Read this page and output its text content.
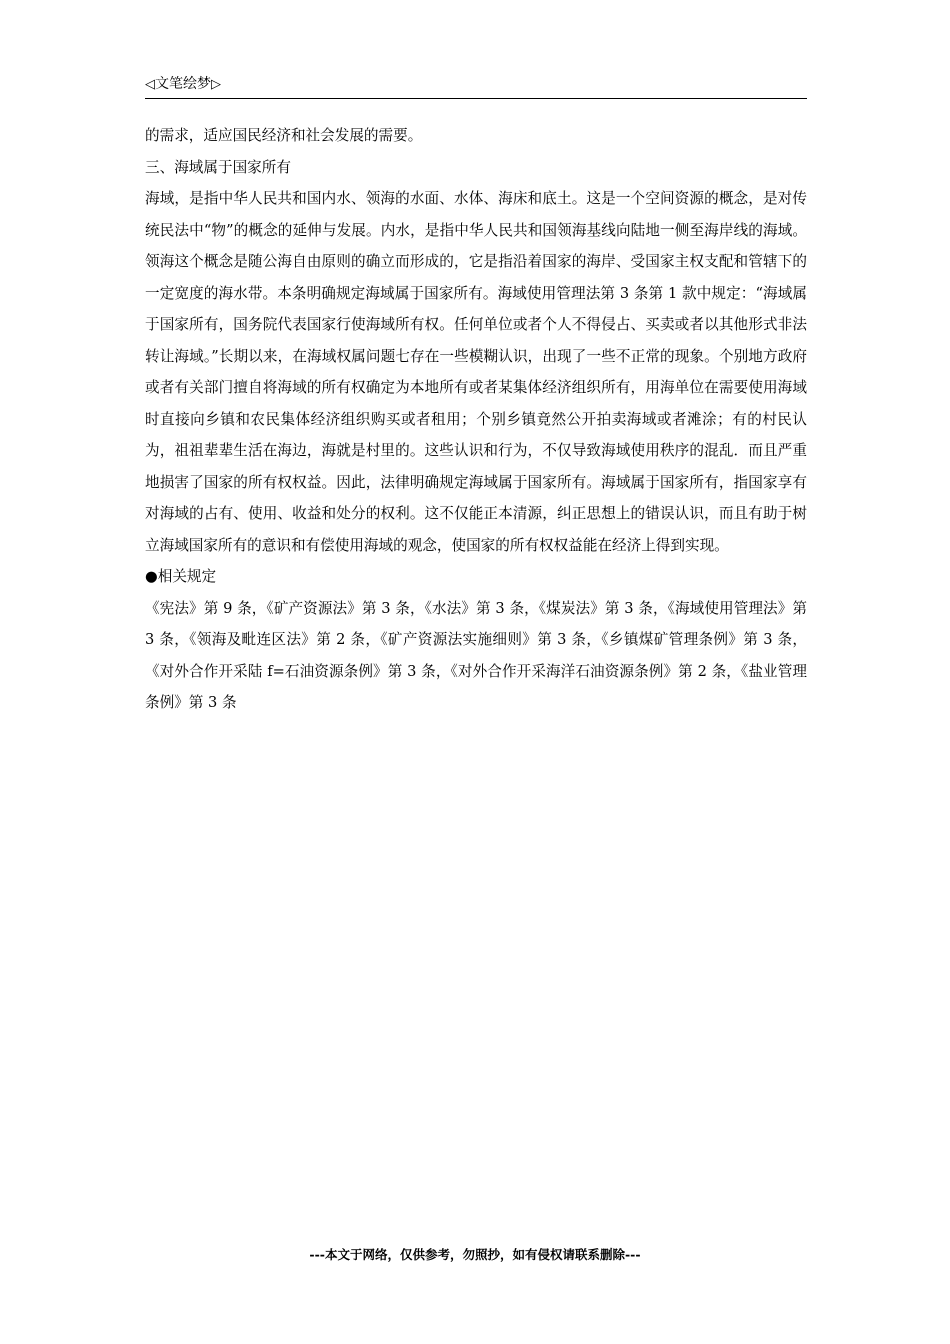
◁文笔绘梦▷

的需求，适应国民经济和社会发展的需要。

三、海域属于国家所有

海域，是指中华人民共和国内水、领海的水面、水体、海床和底土。这是一个空间资源的概念，是对传统民法中“物”的概念的延伸与发展。内水，是指中华人民共和国领海基线向陆地一侧至海岸线的海域。领海这个概念是随公海自由原则的确立而形成的，它是指沿着国家的海岸、受国家主权支配和管辖下的一定宽度的海水带。本条明确规定海域属于国家所有。海域使用管理法第 3 条第 1 款中规定：“海域属于国家所有，国务院代表国家行使海域所有权。任何单位或者个人不得侵占、买卖或者以其他形式非法转让海域。”长期以来，在海域权属问题七存在一些模糊认识，出现了一些不正常的现象。个别地方政府或者有关部门擅自将海域的所有权确定为本地所有或者某集体经济组织所有，用海单位在需要使用海域时直接向乡镇和农民集体经济组织购买或者租用；个别乡镇竟然公开拍卖海域或者滩涂；有的村民认为，祖祖辈辈生活在海边，海就是村里的。这些认识和行为，不仅导致海域使用秩序的混乱．而且严重地损害了国家的所有权权益。因此，法律明确规定海域属于国家所有。海域属于国家所有，指国家享有对海域的占有、使用、收益和处分的权利。这不仅能正本清源，纠正思想上的错误认识，而且有助于树立海域国家所有的意识和有偿使用海域的观念，使国家的所有权权益能在经济上得到实现。

●相关规定

《宪法》第 9 条，《矿产资源法》第 3 条，《水法》第 3 条，《煤炭法》第 3 条，《海域使用管理法》第 3 条，《领海及毗连区法》第 2 条，《矿产资源法实施细则》第 3 条，《乡镇煤矿管理条例》第 3 条，《对外合作开采陆 f=石油资源条例》第 3 条，《对外合作开采海洋石油资源条例》第 2 条，《盐业管理条例》第 3 条

---本文于网络，仅供参考，勿照抄，如有侵权请联系删除---
